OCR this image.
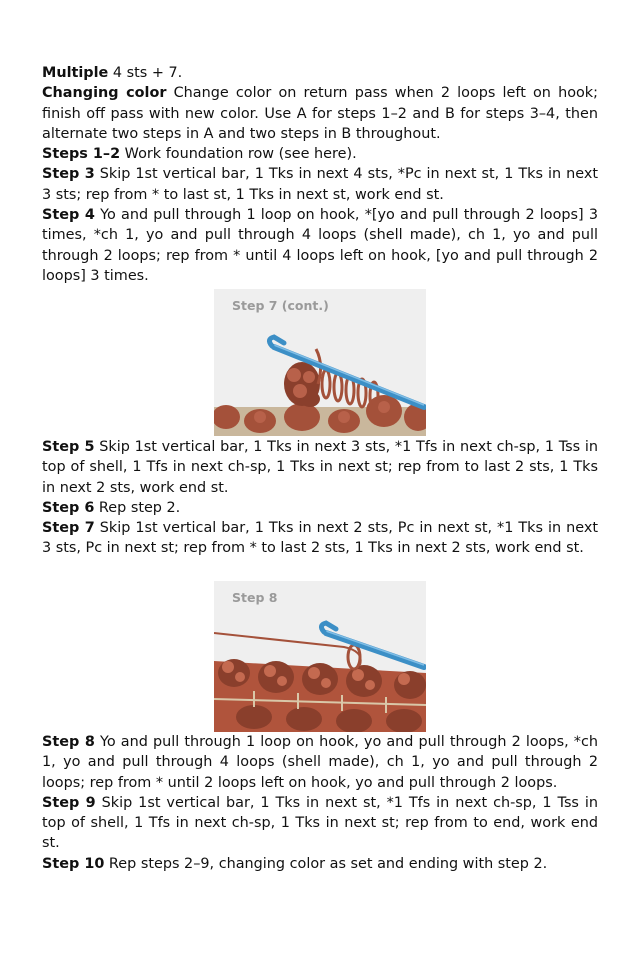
Multiple 4 sts + 7.
Changing color Change color on return pass when 2 loops left on hook; finish off pass with new color. Use A for steps 1–2 and B for steps 3–4, then alternate two steps in A and two steps in B throughout.
Steps 1–2 Work foundation row (see here).
Step 3 Skip 1st vertical bar, 1 Tks in next 4 sts, *Pc in next st, 1 Tks in next 3 sts; rep from * to last st, 1 Tks in next st, work end st.
Step 4 Yo and pull through 1 loop on hook, *[yo and pull through 2 loops] 3 times, *ch 1, yo and pull through 4 loops (shell made), ch 1, yo and pull through 2 loops; rep from * until 4 loops left on hook, [yo and pull through 2 loops] 3 times.
Step 7 (cont.)
Step 5 Skip 1st vertical bar, 1 Tks in next 3 sts, *1 Tfs in next ch-sp, 1 Tss in top of shell, 1 Tfs in next ch-sp, 1 Tks in next st; rep from to last 2 sts, 1 Tks in next 2 sts, work end st.
Step 6 Rep step 2.
Step 7 Skip 1st vertical bar, 1 Tks in next 2 sts, Pc in next st, *1 Tks in next 3 sts, Pc in next st; rep from * to last 2 sts, 1 Tks in next 2 sts, work end st.
Step 8
Step 8 Yo and pull through 1 loop on hook, yo and pull through 2 loops, *ch 1, yo and pull through 4 loops (shell made), ch 1, yo and pull through 2 loops; rep from * until 2 loops left on hook, yo and pull through 2 loops.
Step 9 Skip 1st vertical bar, 1 Tks in next st, *1 Tfs in next ch-sp, 1 Tss in top of shell, 1 Tfs in next ch-sp, 1 Tks in next st; rep from to end, work end st.
Step 10 Rep steps 2–9, changing color as set and ending with step 2.
